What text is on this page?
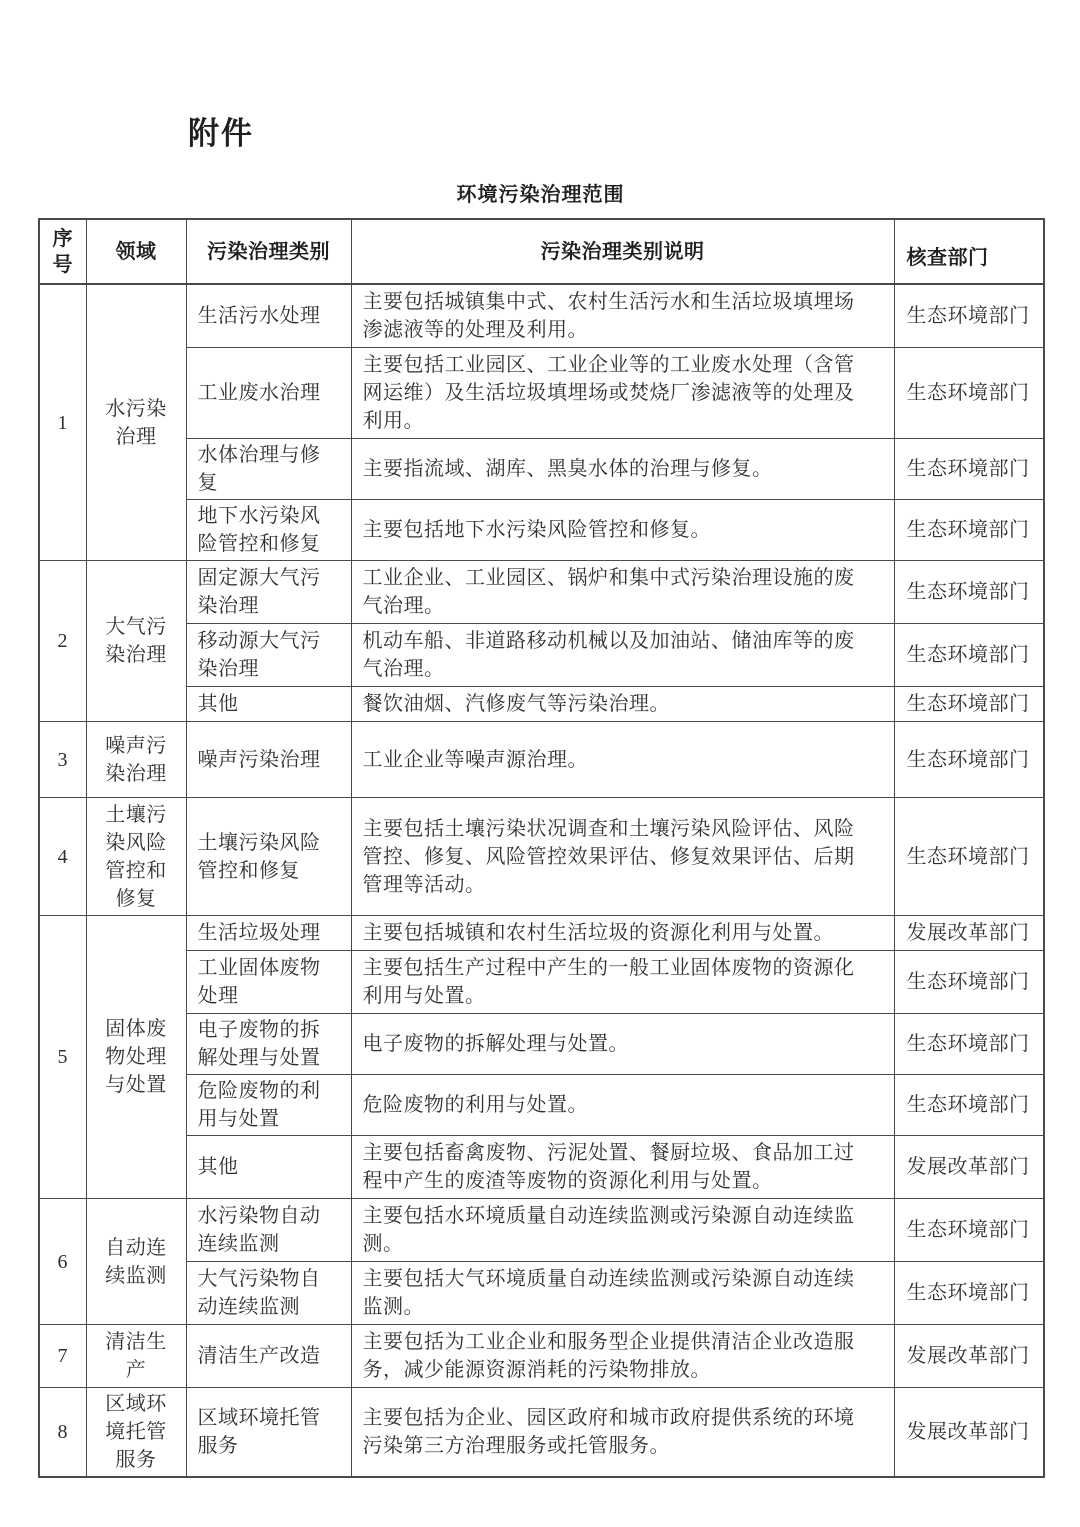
附件
环境污染治理范围
序号	领域	污染治理类别	污染治理类别说明	核查部门
1	水污染治理	生活污水处理	主要包括城镇集中式、农村生活污水和生活垃圾填埋场渗滤液等的处理及利用。	生态环境部门
		工业废水治理	主要包括工业园区、工业企业等的工业废水处理（含管网运维）及生活垃圾填埋场或焚烧厂渗滤液等的处理及利用。	生态环境部门
		水体治理与修复	主要指流域、湖库、黑臭水体的治理与修复。	生态环境部门
		地下水污染风险管控和修复	主要包括地下水污染风险管控和修复。	生态环境部门
2	大气污染治理	固定源大气污染治理	工业企业、工业园区、锅炉和集中式污染治理设施的废气治理。	生态环境部门
		移动源大气污染治理	机动车船、非道路移动机械以及加油站、储油库等的废气治理。	生态环境部门
		其他	餐饮油烟、汽修废气等污染治理。	生态环境部门
3	噪声污染治理	噪声污染治理	工业企业等噪声源治理。	生态环境部门
4	土壤污染风险管控和修复	土壤污染风险管控和修复	主要包括土壤污染状况调查和土壤污染风险评估、风险管控、修复、风险管控效果评估、修复效果评估、后期管理等活动。	生态环境部门
5	固体废物处理与处置	生活垃圾处理	主要包括城镇和农村生活垃圾的资源化利用与处置。	发展改革部门
		工业固体废物处理	主要包括生产过程中产生的一般工业固体废物的资源化利用与处置。	生态环境部门
		电子废物的拆解处理与处置	电子废物的拆解处理与处置。	生态环境部门
		危险废物的利用与处置	危险废物的利用与处置。	生态环境部门
		其他	主要包括畜禽废物、污泥处置、餐厨垃圾、食品加工过程中产生的废渣等废物的资源化利用与处置。	发展改革部门
6	自动连续监测	水污染物自动连续监测	主要包括水环境质量自动连续监测或污染源自动连续监测。	生态环境部门
		大气污染物自动连续监测	主要包括大气环境质量自动连续监测或污染源自动连续监测。	生态环境部门
7	清洁生产	清洁生产改造	主要包括为工业企业和服务型企业提供清洁企业改造服务，减少能源资源消耗的污染物排放。	发展改革部门
8	区域环境托管服务	区域环境托管服务	主要包括为企业、园区政府和城市政府提供系统的环境污染第三方治理服务或托管服务。	发展改革部门
